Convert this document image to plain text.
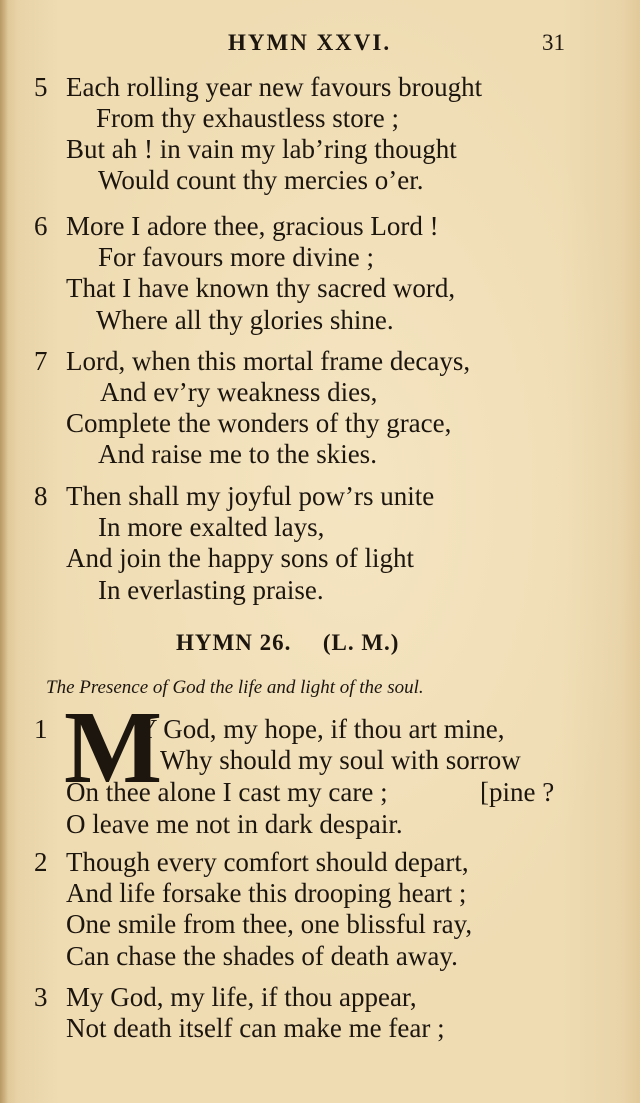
HYMN XXVI.	31
5 Each rolling year new favours brought
From thy exhaustless store ;
But ah ! in vain my lab’ring thought
Would count thy mercies o’er.
6 More I adore thee, gracious Lord !
For favours more divine ;
That I have known thy sacred word,
Where all thy glories shine.
7 Lord, when this mortal frame decays,
And ev’ry weakness dies,
Complete the wonders of thy grace,
And raise me to the skies.
8 Then shall my joyful pow’rs unite
In more exalted lays,
And join the happy sons of light
In everlasting praise.
HYMN 26. (L. M.)
The Presence of God the life and light of the soul.
1 M
Y God, my hope, if thou art mine,
Why should my soul with sorrow
On thee alone I cast my care ;	[pine ?
O leave me not in dark despair.
2 Though every comfort should depart,
And life forsake this drooping heart ;
One smile from thee, one blissful ray,
Can chase the shades of death away.
3 My God, my life, if thou appear,
Not death itself can make me fear ;
